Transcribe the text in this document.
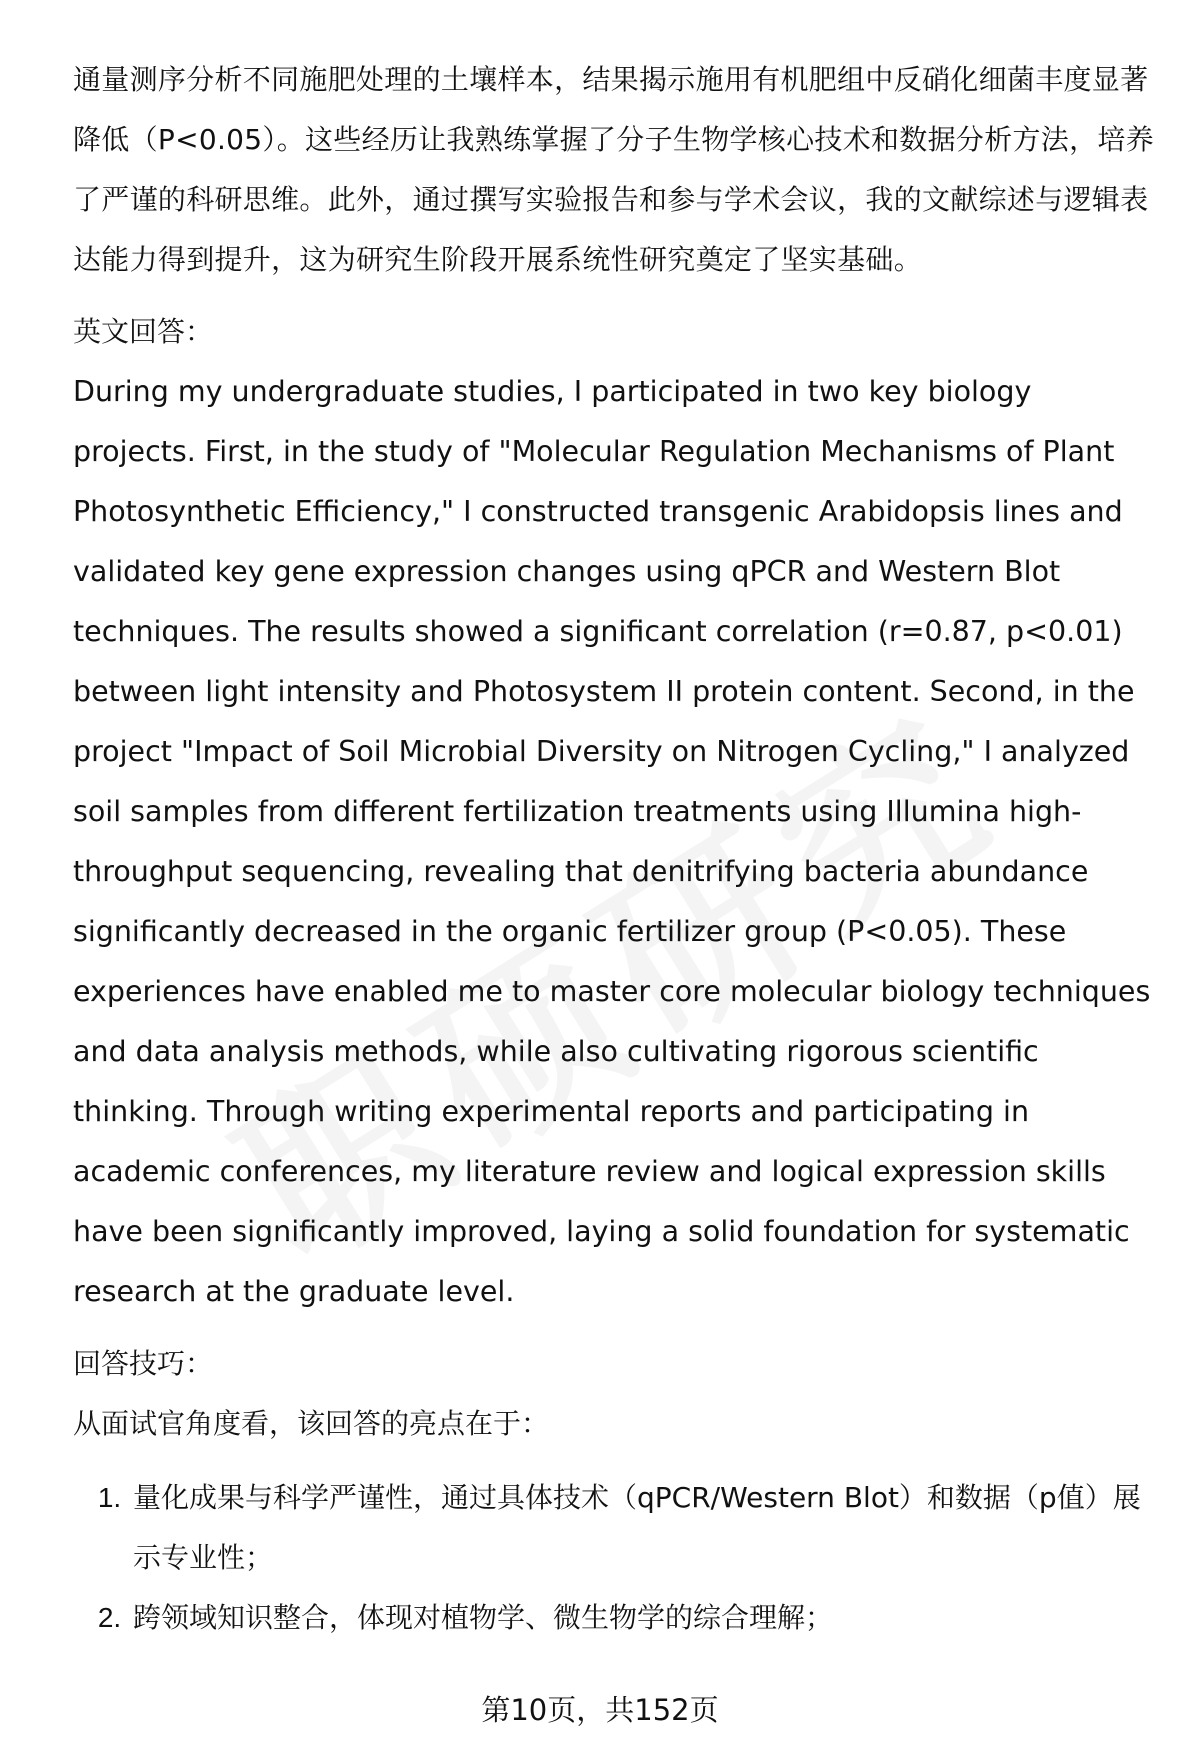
通量测序分析不同施肥处理的土壤样本，结果揭示施用有机肥组中反硝化细菌丰度显著降低（P<0.05）。这些经历让我熟练掌握了分子生物学核心技术和数据分析方法，培养了严谨的科研思维。此外，通过撰写实验报告和参与学术会议，我的文献综述与逻辑表达能力得到提升，这为研究生阶段开展系统性研究奠定了坚实基础。

英文回答：

During my undergraduate studies, I participated in two key biology projects. First, in the study of "Molecular Regulation Mechanisms of Plant Photosynthetic Efficiency," I constructed transgenic Arabidopsis lines and validated key gene expression changes using qPCR and Western Blot techniques. The results showed a significant correlation (r=0.87, p<0.01) between light intensity and Photosystem II protein content. Second, in the project "Impact of Soil Microbial Diversity on Nitrogen Cycling," I analyzed soil samples from different fertilization treatments using Illumina high-throughput sequencing, revealing that denitrifying bacteria abundance significantly decreased in the organic fertilizer group (P<0.05). These experiences have enabled me to master core molecular biology techniques and data analysis methods, while also cultivating rigorous scientific thinking. Through writing experimental reports and participating in academic conferences, my literature review and logical expression skills have been significantly improved, laying a solid foundation for systematic research at the graduate level.

回答技巧：

从面试官角度看，该回答的亮点在于：

1. 量化成果与科学严谨性，通过具体技术（qPCR/Western Blot）和数据（p值）展示专业性；
2. 跨领域知识整合，体现对植物学、微生物学的综合理解；
第10页，共152页
